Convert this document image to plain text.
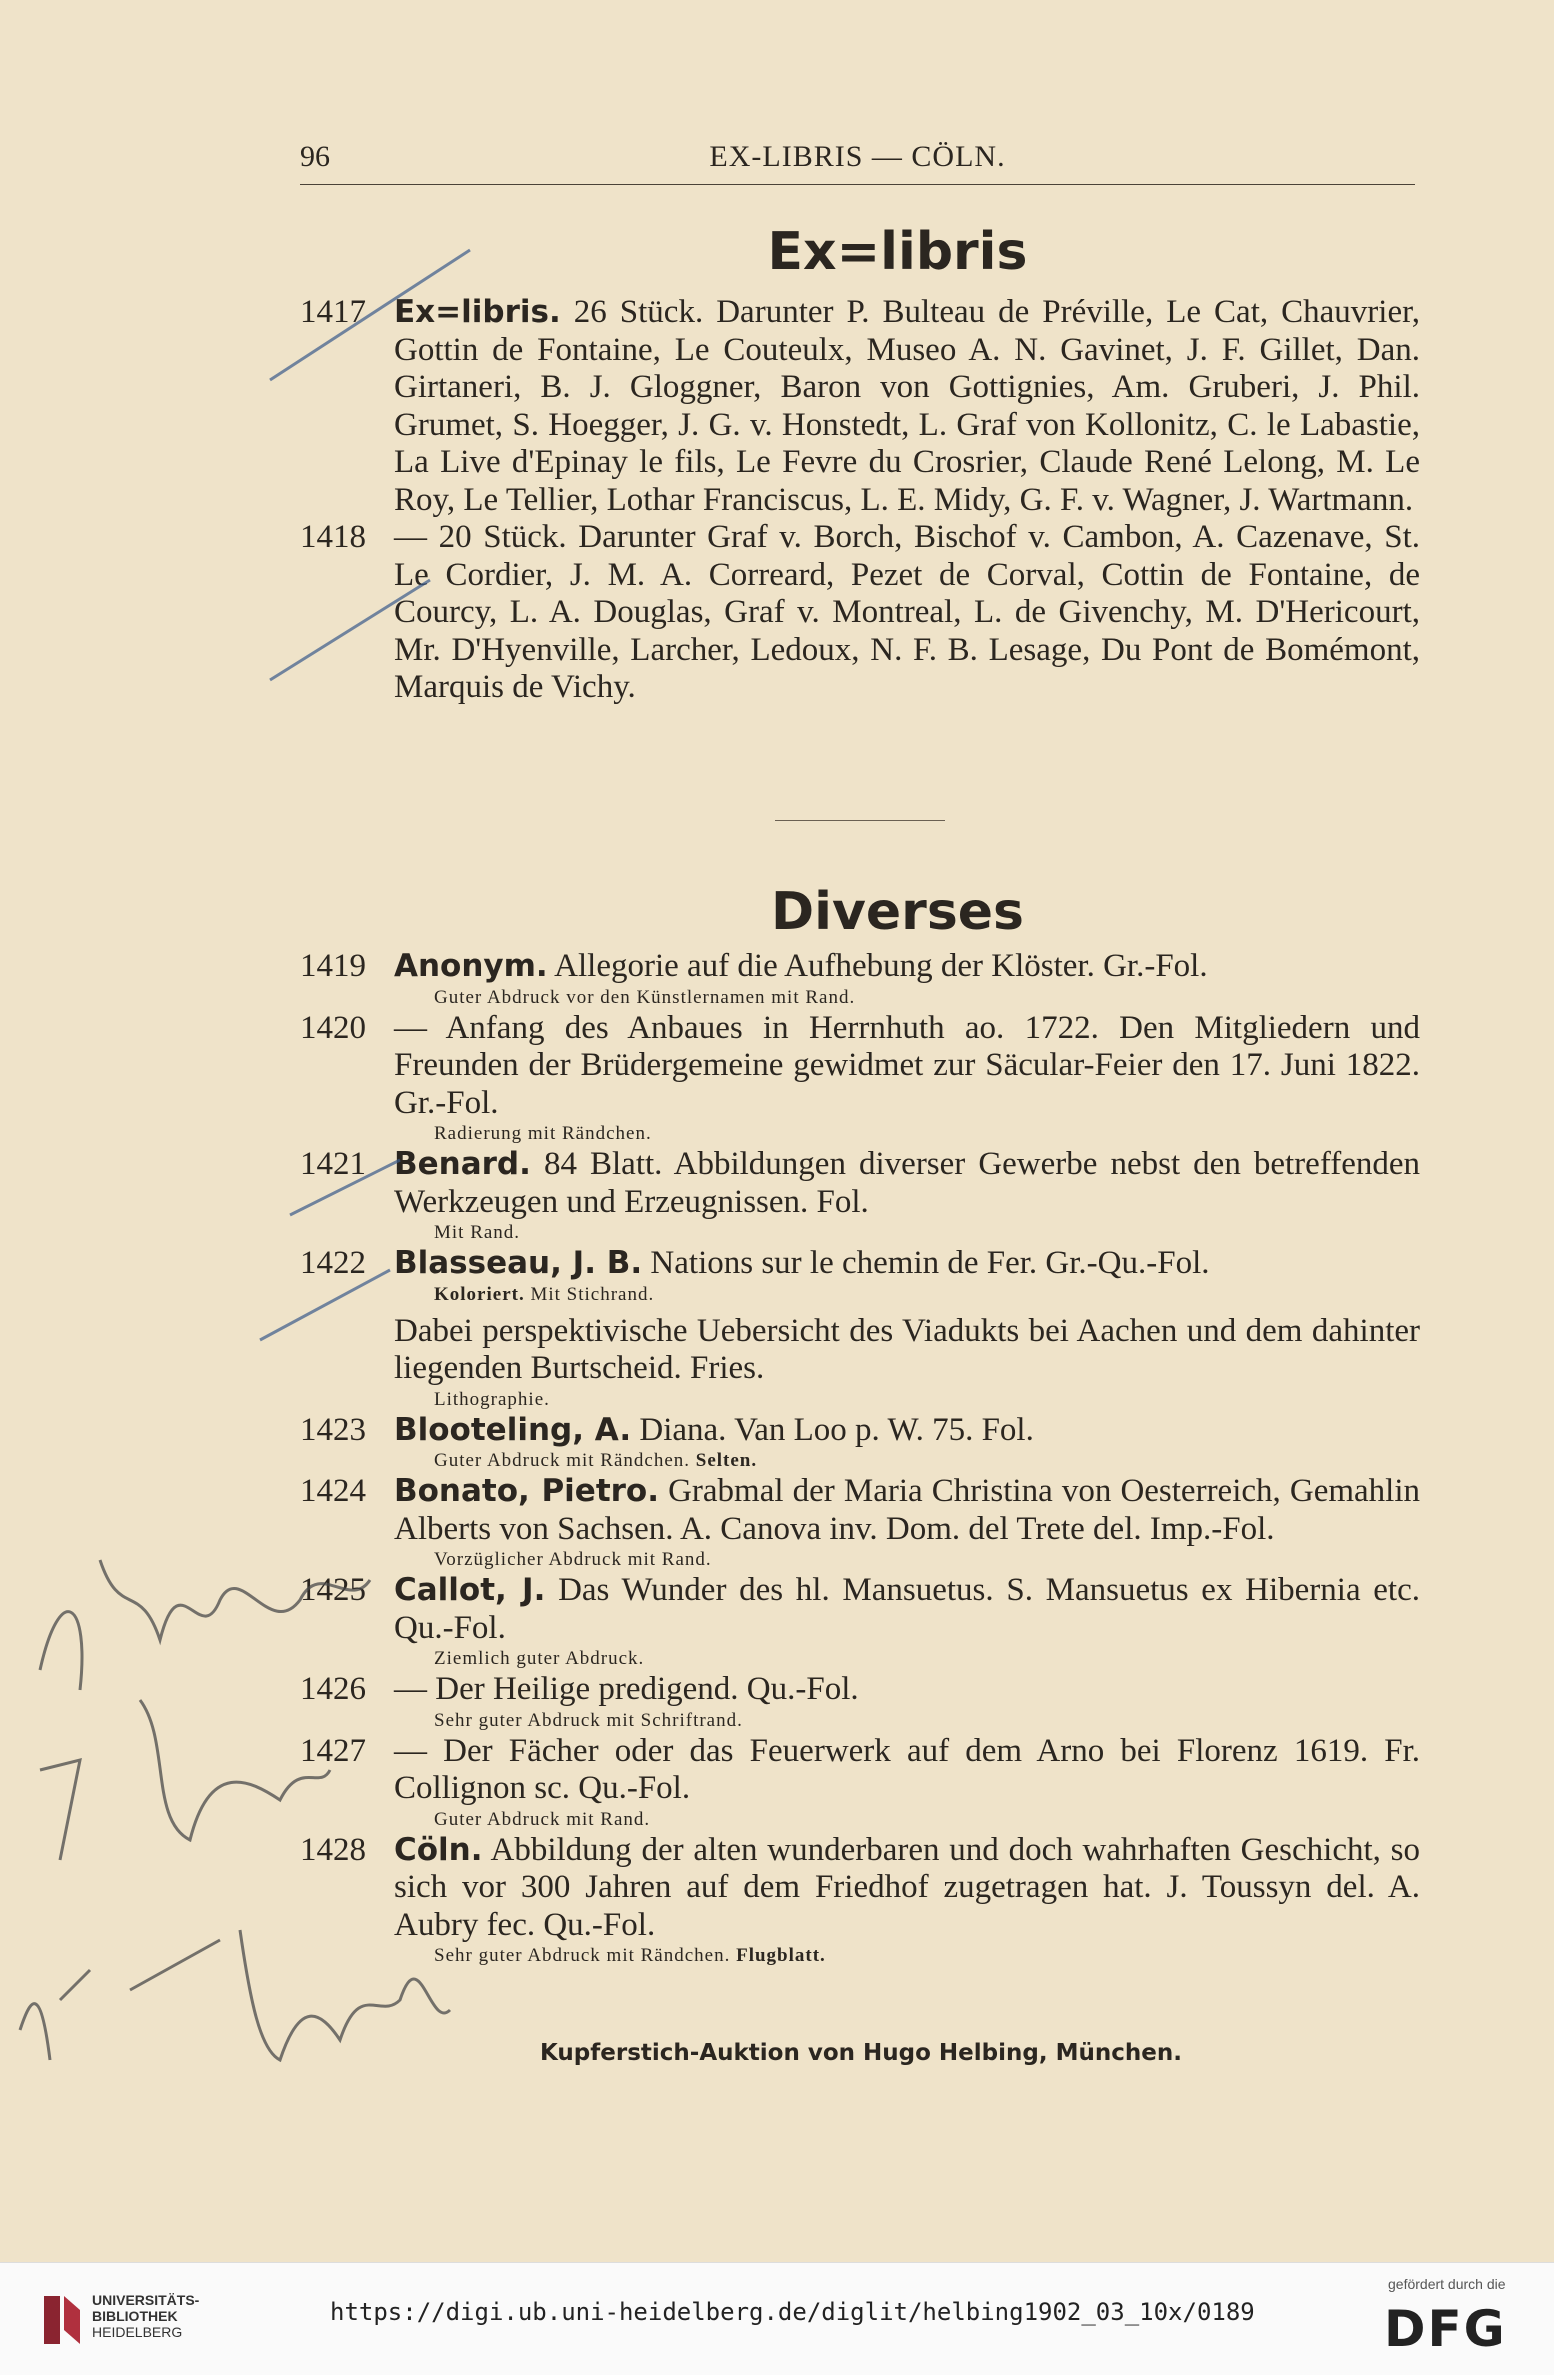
96	EX-LIBRIS — CÖLN.
Ex=libris
1417 Ex=libris. 26 Stück. Darunter P. Bulteau de Préville, Le Cat, Chauvrier, Gottin de Fontaine, Le Couteulx, Museo A. N. Gavinet, J. F. Gillet, Dan. Girtaneri, B. J. Gloggner, Baron von Gottignies, Am. Gruberi, J. Phil. Grumet, S. Hoegger, J. G. v. Honstedt, L. Graf von Kollonitz, C. le Labastie, La Live d'Epinay le fils, Le Fevre du Crosrier, Claude René Lelong, M. Le Roy, Le Tellier, Lothar Franciscus, L. E. Midy, G. F. v. Wagner, J. Wartmann.
1418 — 20 Stück. Darunter Graf v. Borch, Bischof v. Cambon, A. Cazenave, St. Le Cordier, J. M. A. Correard, Pezet de Corval, Cottin de Fontaine, de Courcy, L. A. Douglas, Graf v. Montreal, L. de Givenchy, M. D'Hericourt, Mr. D'Hyenville, Larcher, Ledoux, N. F. B. Lesage, Du Pont de Bomémont, Marquis de Vichy.
Diverses
1419 Anonym. Allegorie auf die Aufhebung der Klöster. Gr.-Fol.
Guter Abdruck vor den Künstlernamen mit Rand.
1420 — Anfang des Anbaues in Herrnhuth ao. 1722. Den Mitgliedern und Freunden der Brüdergemeine gewidmet zur Säcular-Feier den 17. Juni 1822. Gr.-Fol.
Radierung mit Rändchen.
1421 Benard. 84 Blatt. Abbildungen diverser Gewerbe nebst den betreffenden Werkzeugen und Erzeugnissen. Fol.
Mit Rand.
1422 Blasseau, J. B. Nations sur le chemin de Fer. Gr.-Qu.-Fol.
Koloriert. Mit Stichrand.
Dabei perspektivische Uebersicht des Viadukts bei Aachen und dem dahinter liegenden Burtscheid. Fries.
Lithographie.
1423 Blooteling, A. Diana. Van Loo p. W. 75. Fol.
Guter Abdruck mit Rändchen. Selten.
1424 Bonato, Pietro. Grabmal der Maria Christina von Oesterreich, Gemahlin Alberts von Sachsen. A. Canova inv. Dom. del Trete del. Imp.-Fol.
Vorzüglicher Abdruck mit Rand.
1425 Callot, J. Das Wunder des hl. Mansuetus. S. Mansuetus ex Hibernia etc. Qu.-Fol.
Ziemlich guter Abdruck.
1426 — Der Heilige predigend. Qu.-Fol.
Sehr guter Abdruck mit Schriftrand.
1427 — Der Fächer oder das Feuerwerk auf dem Arno bei Florenz 1619. Fr. Collignon sc. Qu.-Fol.
Guter Abdruck mit Rand.
1428 Cöln. Abbildung der alten wunderbaren und doch wahrhaften Geschicht, so sich vor 300 Jahren auf dem Friedhof zugetragen hat. J. Toussyn del. A. Aubry fec. Qu.-Fol.
Sehr guter Abdruck mit Rändchen. Flugblatt.
Kupferstich-Auktion von Hugo Helbing, München.
UNIVERSITÄTS-
BIBLIOTHEK
HEIDELBERG
https://digi.ub.uni-heidelberg.de/diglit/helbing1902_03_10x/0189
gefördert durch die
DFG
